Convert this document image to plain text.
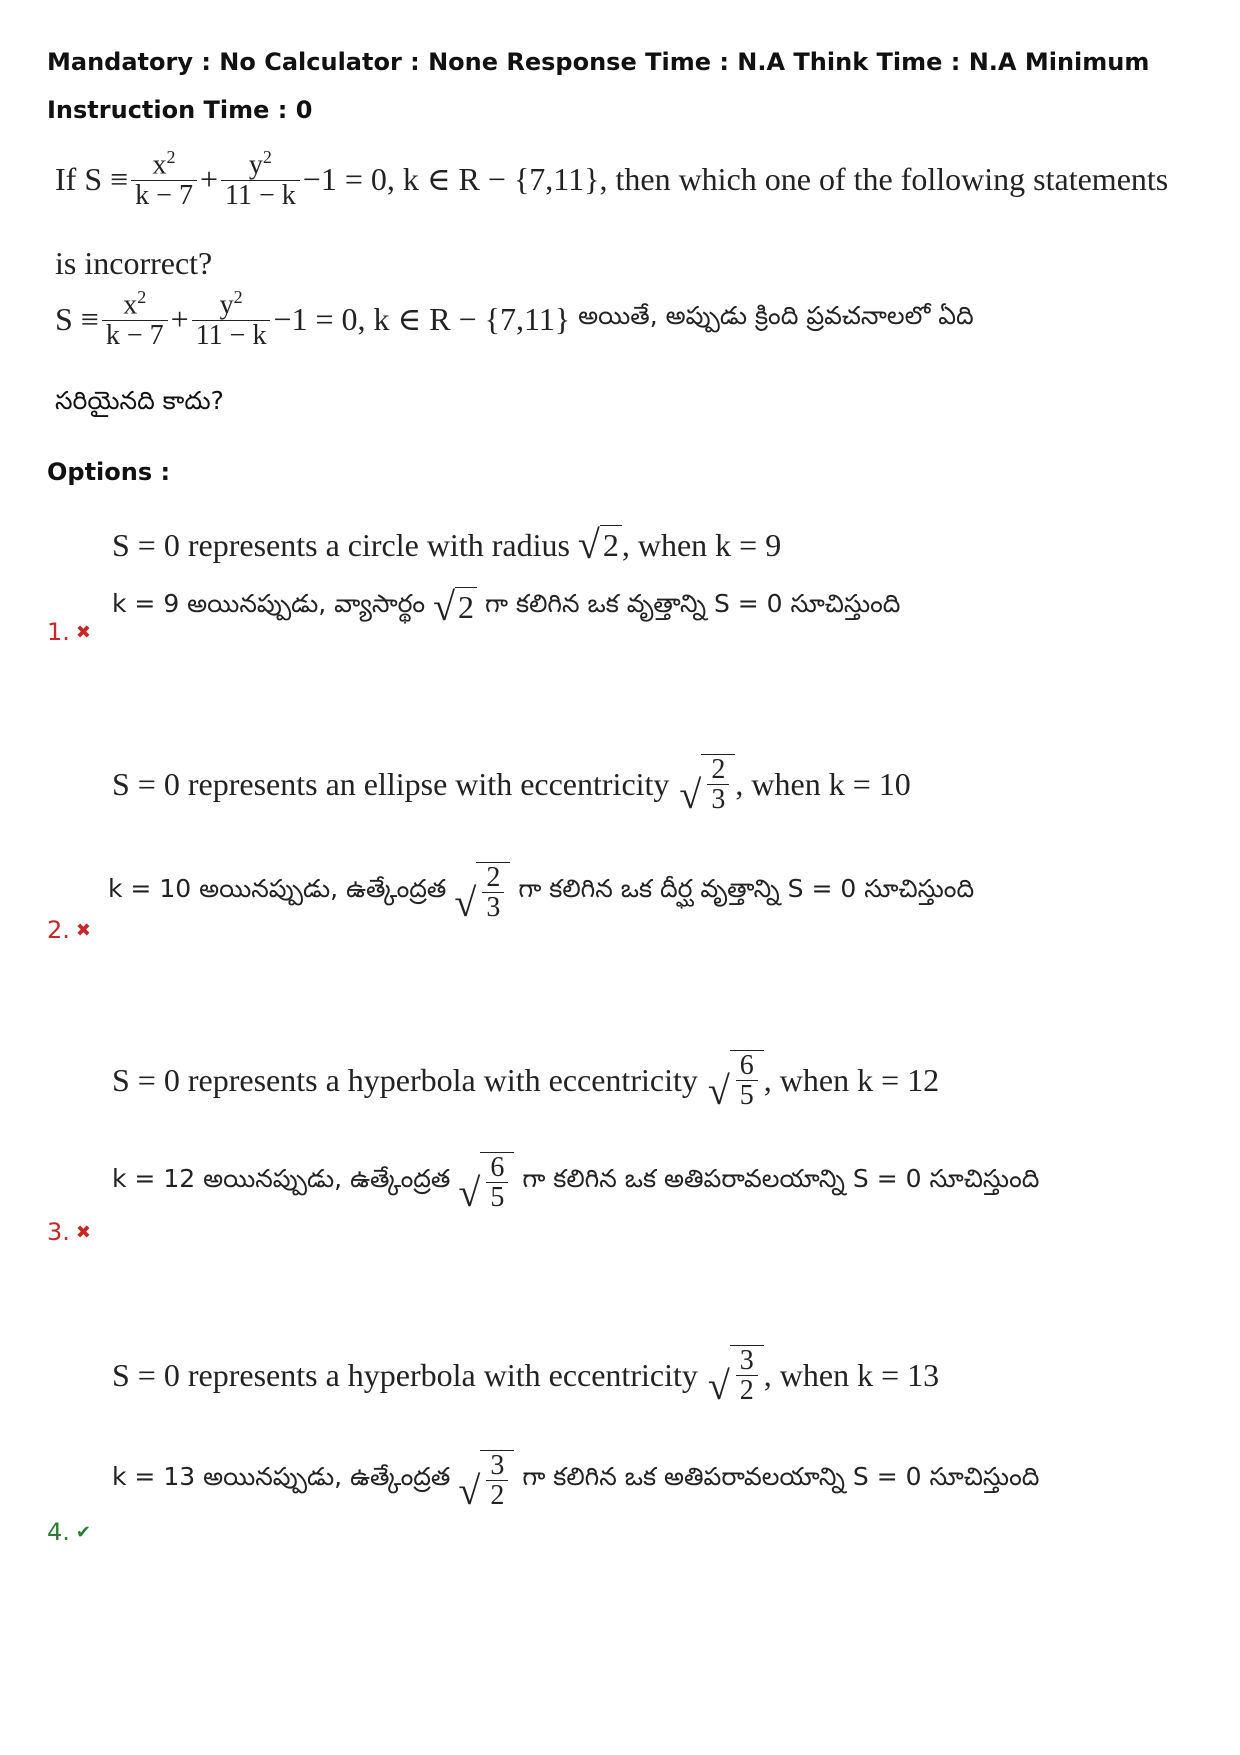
Mandatory : No Calculator : None Response Time : N.A Think Time : N.A Minimum Instruction Time : 0
If $S \equiv \frac{x^2}{k - 7} + \frac{y^2}{11 - k} -1 = 0$, k ∈ R − {7,11} , then which one of the following statements
is incorrect?
$S \equiv \frac{x^2}{k - 7} + \frac{y^2}{11 - k} -1 = 0$, k ∈ R − {7,11} అయితే, అప్పుడు క్రింది ప్రవచనాలలో ఏది
సరియైనది కాదు?
Options :
S = 0 represents a circle with radius √ 2 , when k = 9
k = 9 అయినప్పుడు, వ్యాసార్థం √ 2 గా కలిగిన ఒక వృత్తాన్ని S = 0 సూచిస్తుంది
1. ✖
S = 0 represents an ellipse with eccentricity √ $\frac{2}{3}$ , when k = 10
k = 10 అయినప్పుడు, ఉత్కేంద్రత √ $\frac{2}{3}$ గా కలిగిన ఒక దీర్ఘ వృత్తాన్ని S = 0 సూచిస్తుంది
2. ✖
S = 0 represents a hyperbola with eccentricity √ $\frac{6}{5}$ , when k = 12
k = 12 అయినప్పుడు, ఉత్కేంద్రత √ $\frac{6}{5}$ గా కలిగిన ఒక అతిపరావలయాన్ని S = 0 సూచిస్తుంది
3. ✖
S = 0 represents a hyperbola with eccentricity √ $\frac{3}{2}$ , when k = 13
k = 13 అయినప్పుడు, ఉత్కేంద్రత √ $\frac{3}{2}$ గా కలిగిన ఒక అతిపరావలయాన్ని S = 0 సూచిస్తుంది
4. ✔
